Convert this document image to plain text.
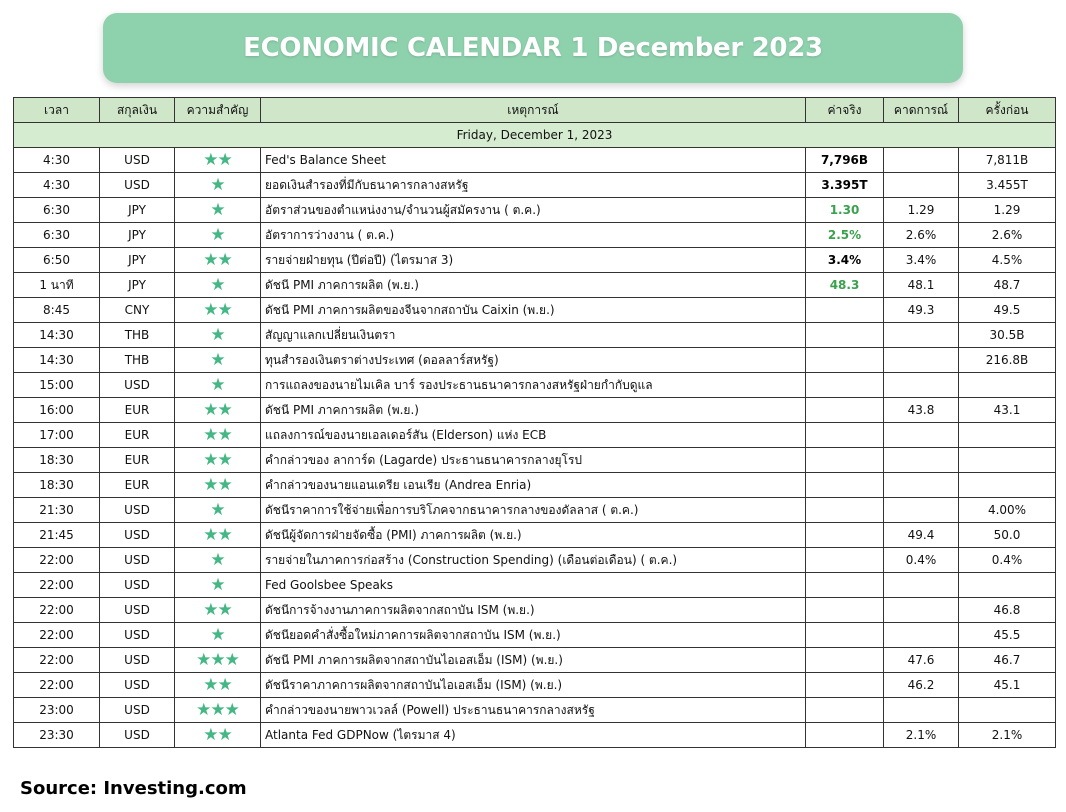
ECONOMIC CALENDAR 1 December 2023
เวลา	สกุลเงิน	ความสำคัญ	เหตุการณ์	ค่าจริง	คาดการณ์	ครั้งก่อน
Friday, December 1, 2023						
4:30	USD	★★	Fed's Balance Sheet	7,796B		7,811B
4:30	USD	★	ยอดเงินสำรองที่มีกับธนาคารกลางสหรัฐ	3.395T		3.455T
6:30	JPY	★	อัตราส่วนของตำแหน่งงาน/จำนวนผู้สมัครงาน ( ต.ค.)	1.30	1.29	1.29
6:30	JPY	★	อัตราการว่างงาน ( ต.ค.)	2.5%	2.6%	2.6%
6:50	JPY	★★	รายจ่ายฝ่ายทุน (ปีต่อปี) (ไตรมาส 3)	3.4%	3.4%	4.5%
1 นาที	JPY	★	ดัชนี PMI ภาคการผลิต (พ.ย.)	48.3	48.1	48.7
8:45	CNY	★★	ดัชนี PMI ภาคการผลิตของจีนจากสถาบัน Caixin (พ.ย.)		49.3	49.5
14:30	THB	★	สัญญาแลกเปลี่ยนเงินตรา			30.5B
14:30	THB	★	ทุนสำรองเงินตราต่างประเทศ (ดอลลาร์สหรัฐ)			216.8B
15:00	USD	★	การแถลงของนายไมเคิล บาร์ รองประธานธนาคารกลางสหรัฐฝ่ายกำกับดูแล			
16:00	EUR	★★	ดัชนี PMI ภาคการผลิต (พ.ย.)		43.8	43.1
17:00	EUR	★★	แถลงการณ์ของนายเอลเดอร์สัน (Elderson) แห่ง ECB			
18:30	EUR	★★	คำกล่าวของ ลาการ์ด (Lagarde) ประธานธนาคารกลางยุโรป			
18:30	EUR	★★	คำกล่าวของนายแอนเดรีย เอนเรีย (Andrea Enria)			
21:30	USD	★	ดัชนีราคาการใช้จ่ายเพื่อการบริโภคจากธนาคารกลางของดัลลาส ( ต.ค.)			4.00%
21:45	USD	★★	ดัชนีผู้จัดการฝ่ายจัดซื้อ (PMI) ภาคการผลิต (พ.ย.)		49.4	50.0
22:00	USD	★	รายจ่ายในภาคการก่อสร้าง (Construction Spending) (เดือนต่อเดือน) ( ต.ค.)		0.4%	0.4%
22:00	USD	★	Fed Goolsbee Speaks			
22:00	USD	★★	ดัชนีการจ้างงานภาคการผลิตจากสถาบัน ISM (พ.ย.)			46.8
22:00	USD	★	ดัชนียอดคำสั่งซื้อใหม่ภาคการผลิตจากสถาบัน ISM (พ.ย.)			45.5
22:00	USD	★★★	ดัชนี PMI ภาคการผลิตจากสถาบันไอเอสเอ็ม (ISM) (พ.ย.)		47.6	46.7
22:00	USD	★★	ดัชนีราคาภาคการผลิตจากสถาบันไอเอสเอ็ม (ISM) (พ.ย.)		46.2	45.1
23:00	USD	★★★	คำกล่าวของนายพาวเวลล์ (Powell) ประธานธนาคารกลางสหรัฐ			
23:30	USD	★★	Atlanta Fed GDPNow (ไตรมาส 4)		2.1%	2.1%
Source: Investing.com
